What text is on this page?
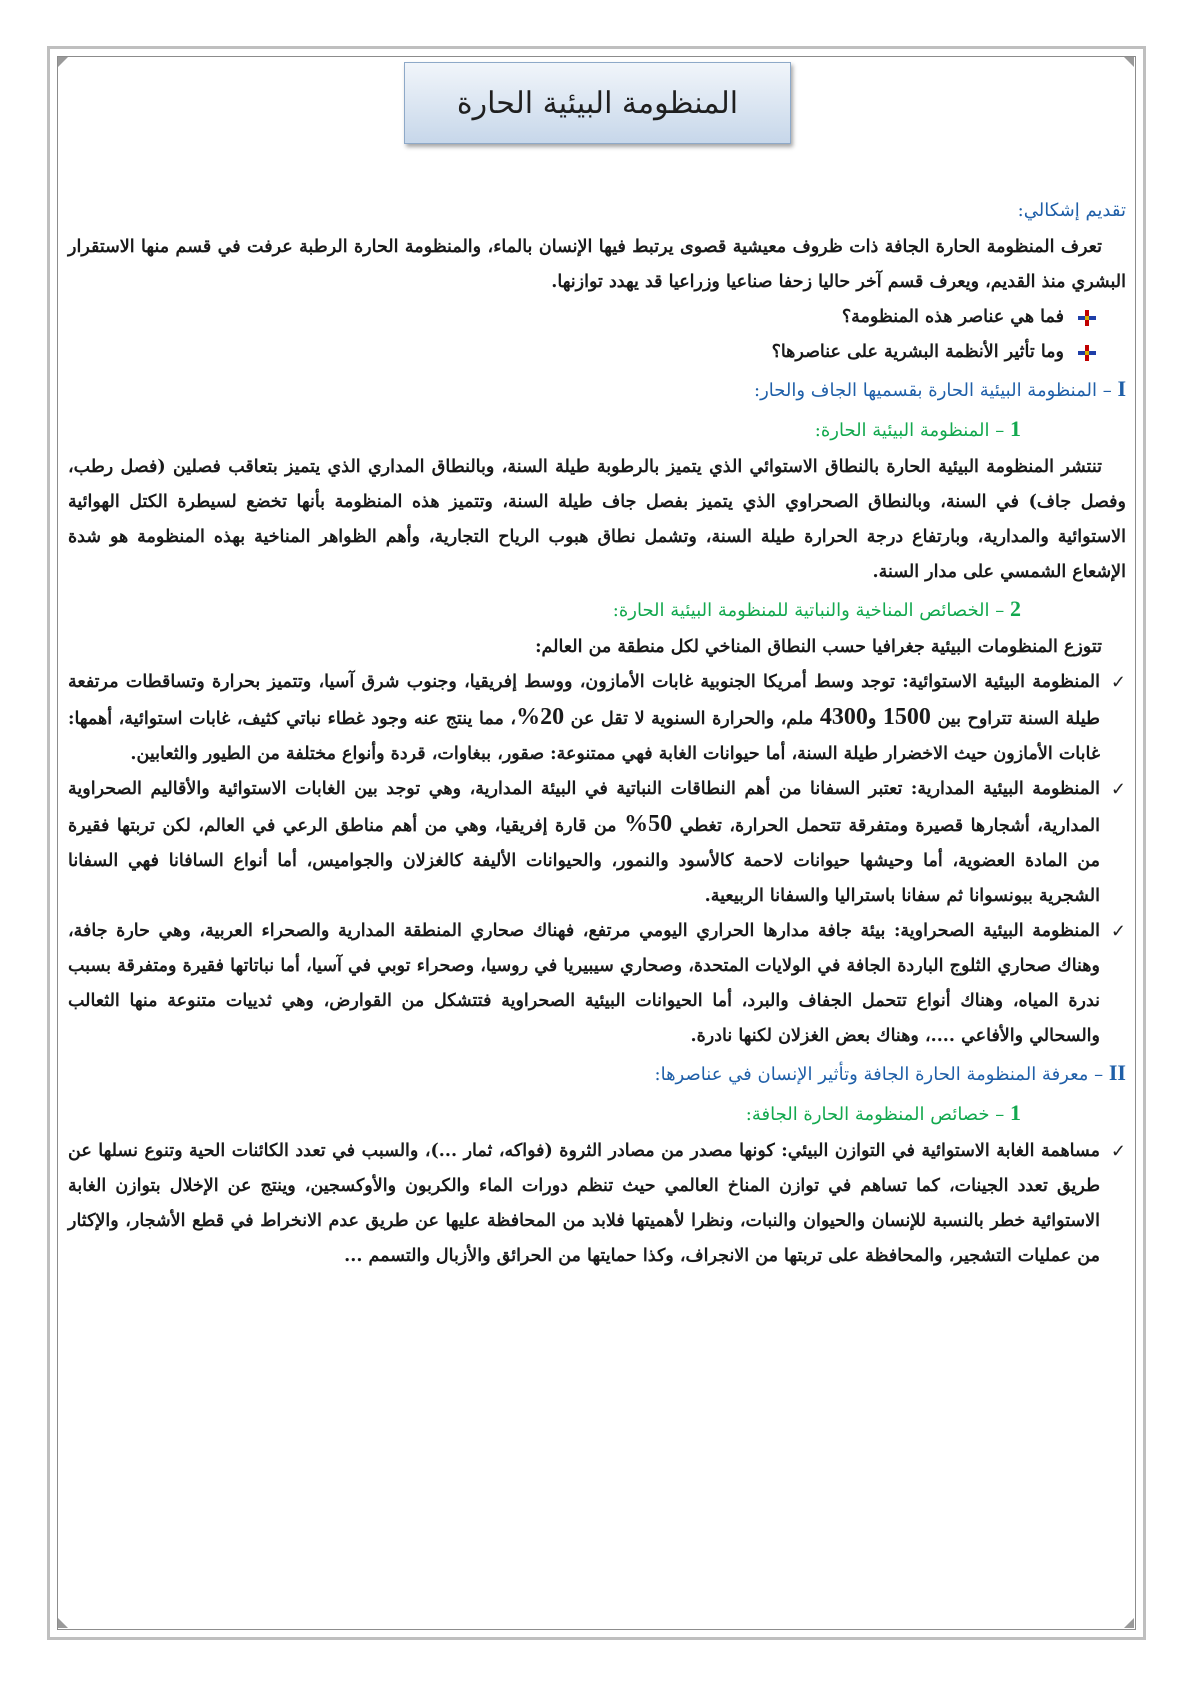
المنظومة البيئية الحارة

تقديم إشكالي:

تعرف المنظومة الحارة الجافة ذات ظروف معيشية قصوى يرتبط فيها الإنسان بالماء، والمنظومة الحارة الرطبة عرفت في قسم منها الاستقرار البشري منذ القديم، ويعرف قسم آخر حاليا زحفا صناعيا وزراعيا قد يهدد توازنها.

فما هي عناصر هذه المنظومة؟

وما تأثير الأنظمة البشرية على عناصرها؟

I – المنظومة البيئية الحارة بقسميها الجاف والحار:

1 – المنظومة البيئية الحارة:

تنتشر المنظومة البيئية الحارة بالنطاق الاستوائي الذي يتميز بالرطوبة طيلة السنة، وبالنطاق المداري الذي يتميز بتعاقب فصلين (فصل رطب، وفصل جاف) في السنة، وبالنطاق الصحراوي الذي يتميز بفصل جاف طيلة السنة، وتتميز هذه المنظومة بأنها تخضع لسيطرة الكتل الهوائية الاستوائية والمدارية، وبارتفاع درجة الحرارة طيلة السنة، وتشمل نطاق هبوب الرياح التجارية، وأهم الظواهر المناخية بهذه المنظومة هو شدة الإشعاع الشمسي على مدار السنة.

2 – الخصائص المناخية والنباتية للمنظومة البيئية الحارة:

تتوزع المنظومات البيئية جغرافيا حسب النطاق المناخي لكل منطقة من العالم:

✓
المنظومة البيئية الاستوائية: توجد وسط أمريكا الجنوبية غابات الأمازون، ووسط إفريقيا، وجنوب شرق آسيا، وتتميز بحرارة وتساقطات مرتفعة طيلة السنة تتراوح بين 1500 و4300 ملم، والحرارة السنوية لا تقل عن 20%، مما ينتج عنه وجود غطاء نباتي كثيف، غابات استوائية، أهمها: غابات الأمازون حيث الاخضرار طيلة السنة، أما حيوانات الغابة فهي ممتنوعة: صقور، ببغاوات، قردة وأنواع مختلفة من الطيور والثعابين.

✓
المنظومة البيئية المدارية: تعتبر السفانا من أهم النطاقات النباتية في البيئة المدارية، وهي توجد بين الغابات الاستوائية والأقاليم الصحراوية المدارية، أشجارها قصيرة ومتفرقة تتحمل الحرارة، تغطي 50% من قارة إفريقيا، وهي من أهم مناطق الرعي في العالم، لكن تربتها فقيرة من المادة العضوية، أما وحيشها حيوانات لاحمة كالأسود والنمور، والحيوانات الأليفة كالغزلان والجواميس، أما أنواع السافانا فهي السفانا الشجرية ببونسوانا ثم سفانا باستراليا والسفانا الربيعية.

✓
المنظومة البيئية الصحراوية: بيئة جافة مدارها الحراري اليومي مرتفع، فهناك صحاري المنطقة المدارية والصحراء العربية، وهي حارة جافة، وهناك صحاري الثلوج الباردة الجافة في الولايات المتحدة، وصحاري سيبيريا في روسيا، وصحراء توبي في آسيا، أما نباتاتها فقيرة ومتفرقة بسبب ندرة المياه، وهناك أنواع تتحمل الجفاف والبرد، أما الحيوانات البيئية الصحراوية فتتشكل من القوارض، وهي ثدييات متنوعة منها الثعالب والسحالي والأفاعي ....، وهناك بعض الغزلان لكنها نادرة.

II – معرفة المنظومة الحارة الجافة وتأثير الإنسان في عناصرها:

1 – خصائص المنظومة الحارة الجافة:

✓
مساهمة الغابة الاستوائية في التوازن البيئي: كونها مصدر من مصادر الثروة (فواكه، ثمار ...)، والسبب في تعدد الكائنات الحية وتنوع نسلها عن طريق تعدد الجينات، كما تساهم في توازن المناخ العالمي حيث تنظم دورات الماء والكربون والأوكسجين، وينتج عن الإخلال بتوازن الغابة الاستوائية خطر بالنسبة للإنسان والحيوان والنبات، ونظرا لأهميتها فلابد من المحافظة عليها عن طريق عدم الانخراط في قطع الأشجار، والإكثار من عمليات التشجير، والمحافظة على تربتها من الانجراف، وكذا حمايتها من الحرائق والأزبال والتسمم ...
